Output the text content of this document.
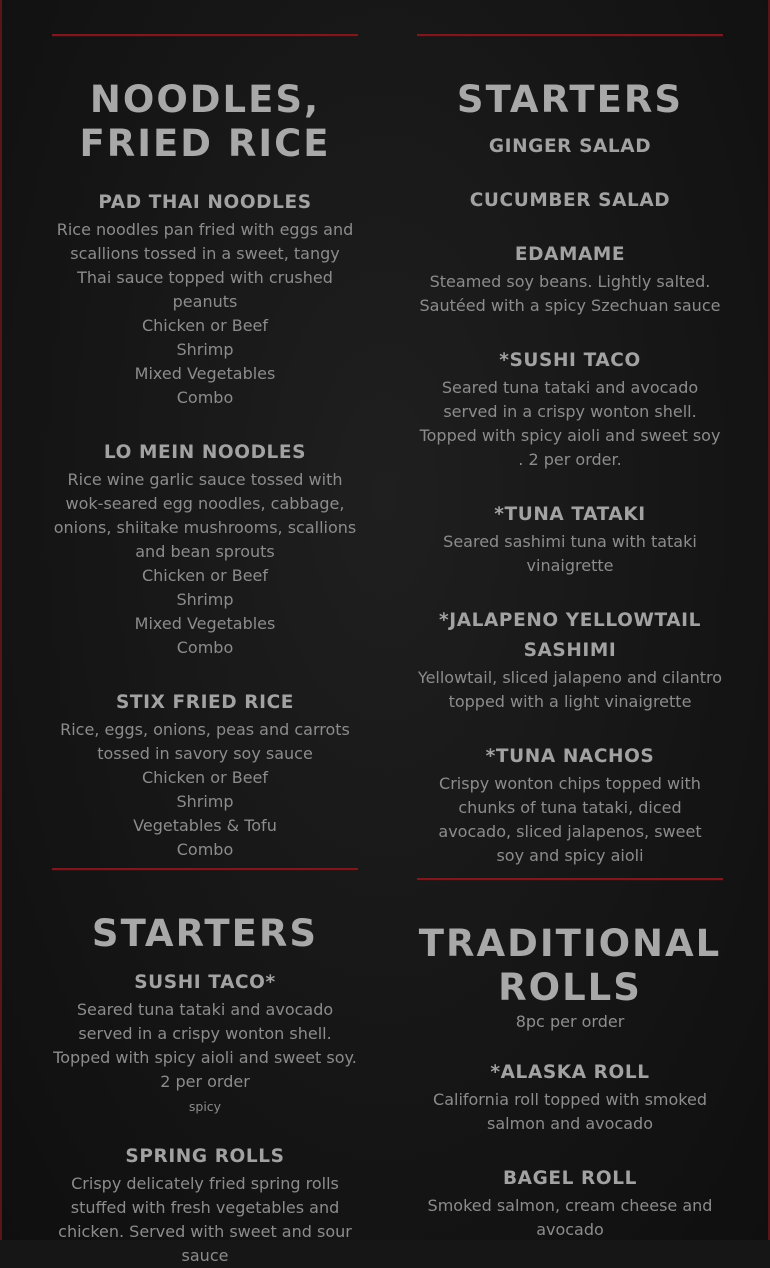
NOODLES,
FRIED RICE
PAD THAI NOODLES
Rice noodles pan fried with eggs and scallions tossed in a sweet, tangy Thai sauce topped with crushed peanuts
Chicken or Beef
Shrimp
Mixed Vegetables
Combo
LO MEIN NOODLES
Rice wine garlic sauce tossed with wok-seared egg noodles, cabbage, onions, shiitake mushrooms, scallions and bean sprouts
Chicken or Beef
Shrimp
Mixed Vegetables
Combo
STIX FRIED RICE
Rice, eggs, onions, peas and carrots tossed in savory soy sauce
Chicken or Beef
Shrimp
Vegetables & Tofu
Combo
STARTERS
GINGER SALAD
CUCUMBER SALAD
EDAMAME
Steamed soy beans. Lightly salted. Sautéed with a spicy Szechuan sauce
*SUSHI TACO
Seared tuna tataki and avocado served in a crispy wonton shell. Topped with spicy aioli and sweet soy . 2 per order.
*TUNA TATAKI
Seared sashimi tuna with tataki vinaigrette
*JALAPENO YELLOWTAIL SASHIMI
Yellowtail, sliced jalapeno and cilantro topped with a light vinaigrette
*TUNA NACHOS
Crispy wonton chips topped with chunks of tuna tataki, diced avocado, sliced jalapenos, sweet soy and spicy aioli
STARTERS
SUSHI TACO*
Seared tuna tataki and avocado served in a crispy wonton shell. Topped with spicy aioli and sweet soy. 2 per order
spicy
SPRING ROLLS
Crispy delicately fried spring rolls stuffed with fresh vegetables and chicken. Served with sweet and sour sauce
TRADITIONAL
ROLLS
8pc per order
*ALASKA ROLL
California roll topped with smoked salmon and avocado
BAGEL ROLL
Smoked salmon, cream cheese and avocado
